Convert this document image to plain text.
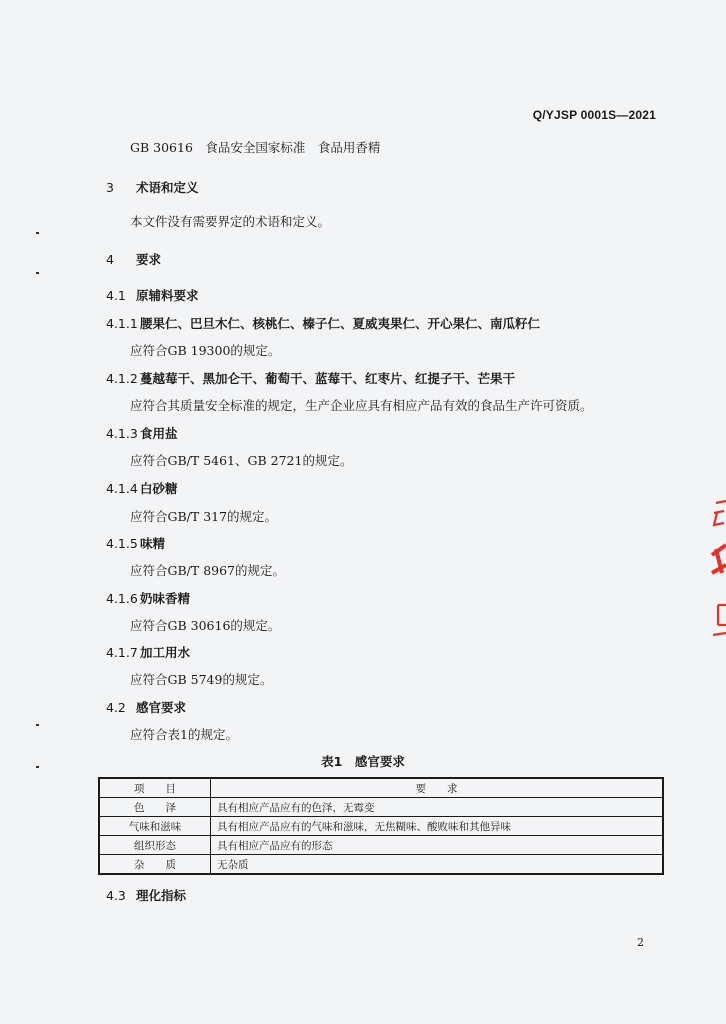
Q/YJSP 0001S—2021
GB 30616　食品安全国家标准　食品用香精
3 术语和定义
本文件没有需要界定的术语和定义。
4 要求
4.1 原辅料要求
4.1.1 腰果仁、巴旦木仁、核桃仁、榛子仁、夏威夷果仁、开心果仁、南瓜籽仁
应符合GB 19300的规定。
4.1.2 蔓越莓干、黑加仑干、葡萄干、蓝莓干、红枣片、红提子干、芒果干
应符合其质量安全标准的规定，生产企业应具有相应产品有效的食品生产许可资质。
4.1.3 食用盐
应符合GB/T 5461、GB 2721的规定。
4.1.4 白砂糖
应符合GB/T 317的规定。
4.1.5 味精
应符合GB/T 8967的规定。
4.1.6 奶味香精
应符合GB 30616的规定。
4.1.7 加工用水
应符合GB 5749的规定。
4.2 感官要求
应符合表1的规定。
表1　感官要求
项　　目	要　　求
色　　泽	具有相应产品应有的色泽，无霉变
气味和滋味	具有相应产品应有的气味和滋味，无焦糊味、酸败味和其他异味
组织形态	具有相应产品应有的形态
杂　　质	无杂质
4.3 理化指标
2
